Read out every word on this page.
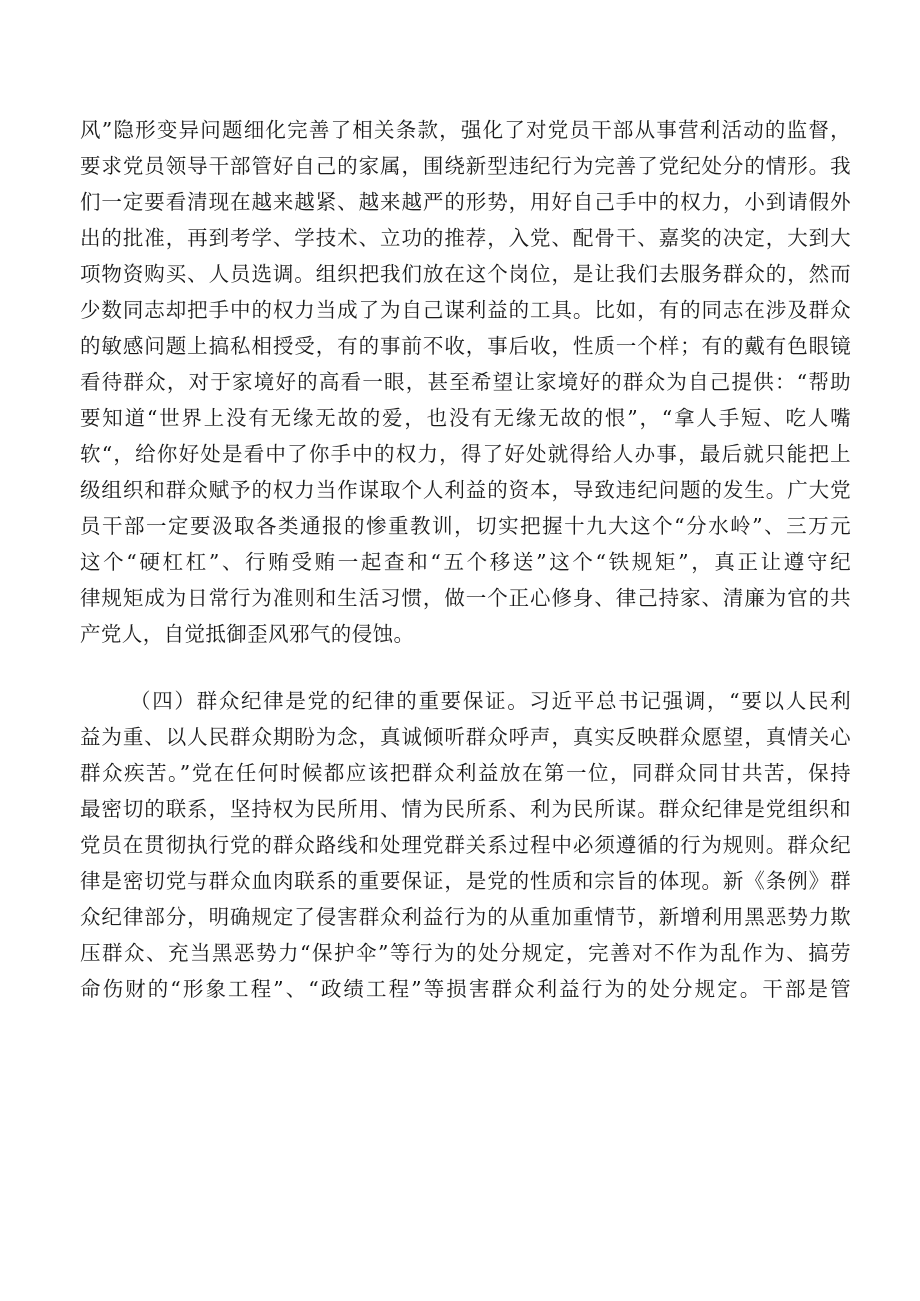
风”隐形变异问题细化完善了相关条款，强化了对党员干部从事营利活动的监督，
要求党员领导干部管好自己的家属，围绕新型违纪行为完善了党纪处分的情形。我
们一定要看清现在越来越紧、越来越严的形势，用好自己手中的权力，小到请假外
出的批准，再到考学、学技术、立功的推荐，入党、配骨干、嘉奖的决定，大到大
项物资购买、人员选调。组织把我们放在这个岗位，是让我们去服务群众的，然而
少数同志却把手中的权力当成了为自己谋利益的工具。比如，有的同志在涉及群众
的敏感问题上搞私相授受，有的事前不收，事后收，性质一个样；有的戴有色眼镜
看待群众，对于家境好的高看一眼，甚至希望让家境好的群众为自己提供：“帮助
要知道“世界上没有无缘无故的爱，也没有无缘无故的恨”，“拿人手短、吃人嘴
软“，给你好处是看中了你手中的权力，得了好处就得给人办事，最后就只能把上
级组织和群众赋予的权力当作谋取个人利益的资本，导致违纪问题的发生。广大党
员干部一定要汲取各类通报的惨重教训，切实把握十九大这个“分水岭”、三万元
这个“硬杠杠”、行贿受贿一起查和“五个移送”这个“铁规矩”，真正让遵守纪
律规矩成为日常行为准则和生活习惯，做一个正心修身、律己持家、清廉为官的共
产党人，自觉抵御歪风邪气的侵蚀。
（四）群众纪律是党的纪律的重要保证。习近平总书记强调，“要以人民利
益为重、以人民群众期盼为念，真诚倾听群众呼声，真实反映群众愿望，真情关心
群众疾苦。”党在任何时候都应该把群众利益放在第一位，同群众同甘共苦，保持
最密切的联系，坚持权为民所用、情为民所系、利为民所谋。群众纪律是党组织和
党员在贯彻执行党的群众路线和处理党群关系过程中必须遵循的行为规则。群众纪
律是密切党与群众血肉联系的重要保证，是党的性质和宗旨的体现。新《条例》群
众纪律部分，明确规定了侵害群众利益行为的从重加重情节，新增利用黑恶势力欺
压群众、充当黑恶势力“保护伞”等行为的处分规定，完善对不作为乱作为、搞劳
命伤财的“形象工程”、“政绩工程”等损害群众利益行为的处分规定。干部是管
